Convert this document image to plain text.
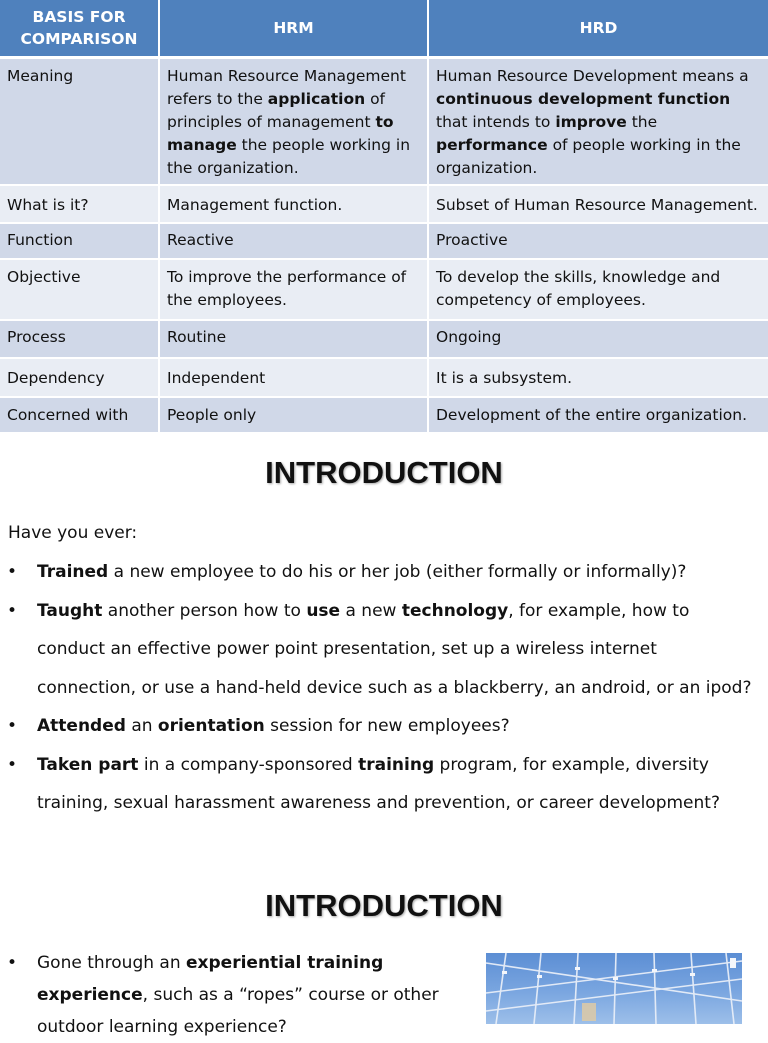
BASIS FOR COMPARISON	HRM	HRD
Meaning	Human Resource Management refers to the application of principles of management to manage the people working in the organization.	Human Resource Development means a continuous development function that intends to improve the performance of people working in the organization.
What is it?	Management function.	Subset of Human Resource Management.
Function	Reactive	Proactive
Objective	To improve the performance of the employees.	To develop the skills, knowledge and competency of employees.
Process	Routine	Ongoing
Dependency	Independent	It is a subsystem.
Concerned with	People only	Development of the entire organization.
INTRODUCTION

Have you ever:

• Trained a new employee to do his or her job (either formally or informally)?
• Taught another person how to use a new technology, for example, how to conduct an effective power point presentation, set up a wireless internet connection, or use a hand-held device such as a blackberry, an android, or an ipod?
• Attended an orientation session for new employees?
• Taken part in a company-sponsored training program, for example, diversity training, sexual harassment awareness and prevention, or career development?
INTRODUCTION
• Gone through an experiential training experience, such as a “ropes” course or other outdoor learning experience?
